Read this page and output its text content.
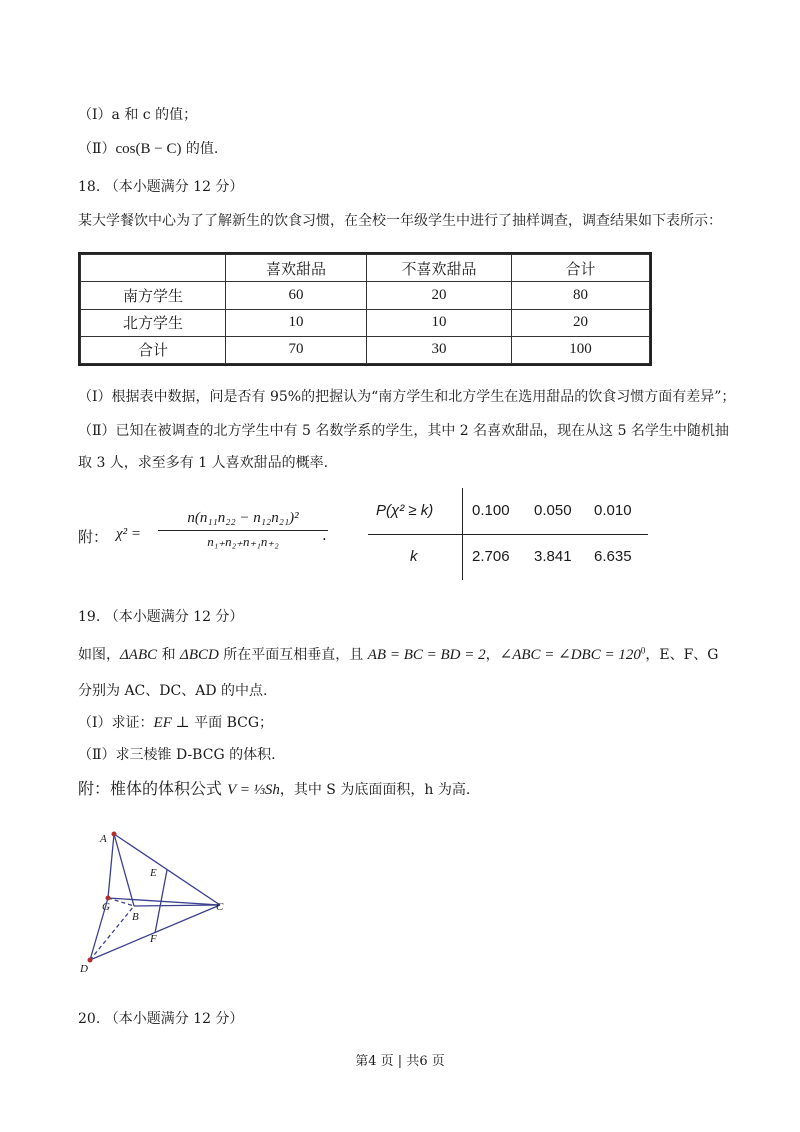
（Ⅰ）a 和 c 的值；
（Ⅱ）cos(B − C) 的值.
18. （本小题满分 12 分）
某大学餐饮中心为了了解新生的饮食习惯，在全校一年级学生中进行了抽样调查，调查结果如下表所示：
	喜欢甜品	不喜欢甜品	合计
南方学生	60	20	80
北方学生	10	10	20
合计	70	30	100
（Ⅰ）根据表中数据，问是否有 95%的把握认为“南方学生和北方学生在选用甜品的饮食习惯方面有差异”；
（Ⅱ）已知在被调查的北方学生中有 5 名数学系的学生，其中 2 名喜欢甜品，现在从这 5 名学生中随机抽
取 3 人，求至多有 1 人喜欢甜品的概率.
附： $\chi^2 = \frac{\text{n(n₁₁n₂₂ − n₁₂n₂₁)²}}{\text{n₁₊n₂₊n₊₁n₊₂}}$
.
P(χ² ≥ k)	0.100 0.050 0.010
k	2.706 3.841 6.635
19. （本小题满分 12 分）
如图，ΔABC 和 ΔBCD 所在平面互相垂直，且 AB = BC = BD = 2，∠ABC = ∠DBC = $120^0$，E、F、G
分别为 AC、DC、AD 的中点.
（Ⅰ）求证：EF ⊥ 平面 BCG；
（Ⅱ）求三棱锥 D-BCG 的体积.
附：椎体的体积公式 V = ⅓Sh，其中 S 为底面面积，h 为高.
A
E
G
B
C
F
D
20. （本小题满分 12 分）
第4 页 | 共6 页
